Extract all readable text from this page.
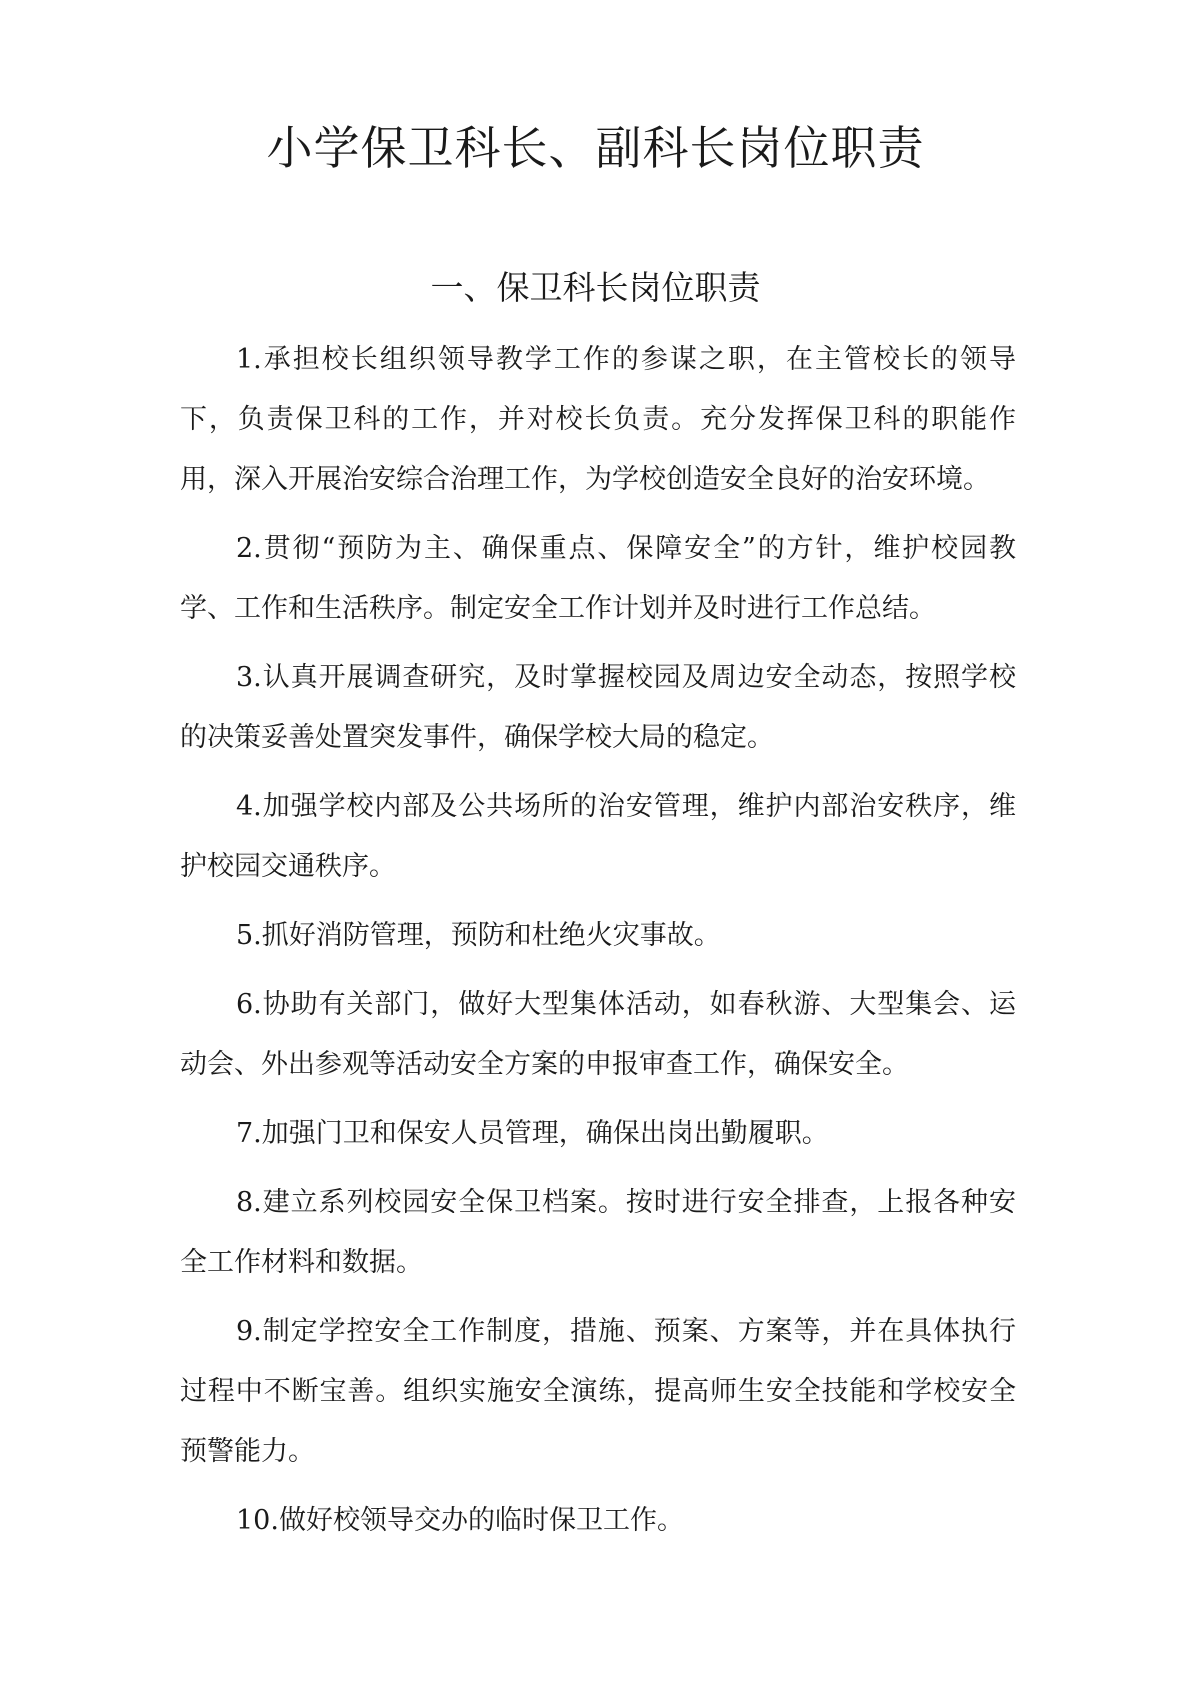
小学保卫科长、副科长岗位职责
一、保卫科长岗位职责

1.承担校长组织领导教学工作的参谋之职，在主管校长的领导下，负责保卫科的工作，并对校长负责。充分发挥保卫科的职能作用，深入开展治安综合治理工作，为学校创造安全良好的治安环境。

2.贯彻“预防为主、确保重点、保障安全”的方针，维护校园教学、工作和生活秩序。制定安全工作计划并及时进行工作总结。

3.认真开展调查研究，及时掌握校园及周边安全动态，按照学校的决策妥善处置突发事件，确保学校大局的稳定。

4.加强学校内部及公共场所的治安管理，维护内部治安秩序，维护校园交通秩序。

5.抓好消防管理，预防和杜绝火灾事故。

6.协助有关部门，做好大型集体活动，如春秋游、大型集会、运动会、外出参观等活动安全方案的申报审查工作，确保安全。

7.加强门卫和保安人员管理，确保出岗出勤履职。

8.建立系列校园安全保卫档案。按时进行安全排查，上报各种安全工作材料和数据。

9.制定学控安全工作制度，措施、预案、方案等，并在具体执行过程中不断宝善。组织实施安全演练，提高师生安全技能和学校安全预警能力。

10.做好校领导交办的临时保卫工作。
